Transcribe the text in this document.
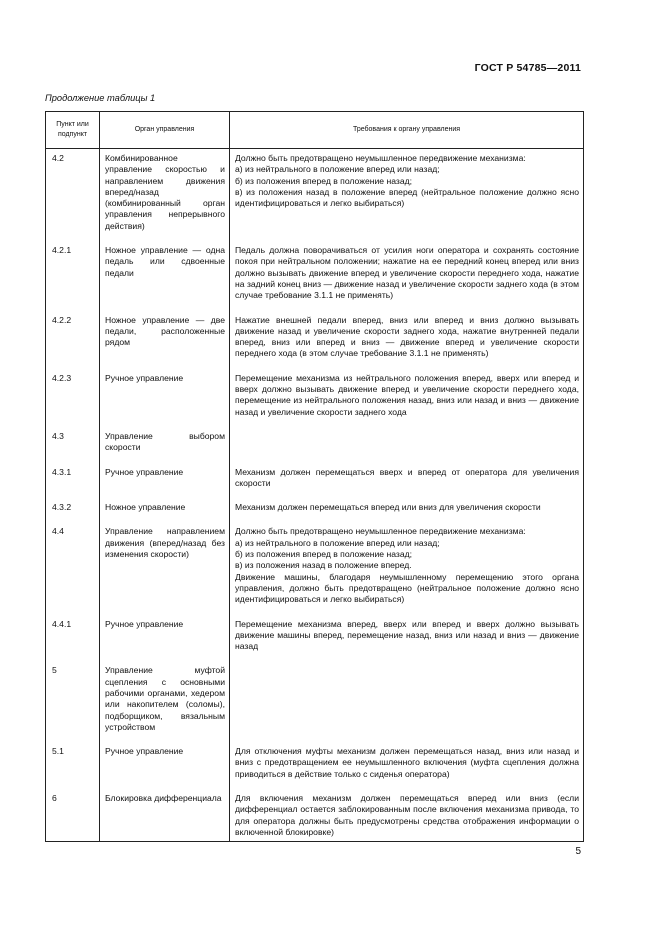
ГОСТ Р 54785—2011
Продолжение таблицы 1
Пункт или подпункт	Орган управления	Требования к органу управления
4.2	Комбинированное управление скоростью и направлением движения вперед/назад (комбинированный орган управления непрерывного действия)	Должно быть предотвращено неумышленное передвижение механизма:
а) из нейтрального в положение вперед или назад;
б) из положения вперед в положение назад;
в) из положения назад в положение вперед (нейтральное положение должно ясно идентифицироваться и легко выбираться)
4.2.1	Ножное управление — одна педаль или сдвоенные педали	Педаль должна поворачиваться от усилия ноги оператора и сохранять состояние покоя при нейтральном положении; нажатие на ее передний конец вперед или вниз должно вызывать движение вперед и увеличение скорости переднего хода, нажатие на задний конец вниз — движение назад и увеличение скорости заднего хода (в этом случае требование 3.1.1 не применять)
4.2.2	Ножное управление — две педали, расположенные рядом	Нажатие внешней педали вперед, вниз или вперед и вниз должно вызывать движение назад и увеличение скорости заднего хода, нажатие внутренней педали вперед, вниз или вперед и вниз — движение вперед и увеличение скорости переднего хода (в этом случае требование 3.1.1 не применять)
4.2.3	Ручное управление	Перемещение механизма из нейтрального положения вперед, вверх или вперед и вверх должно вызывать движение вперед и увеличение скорости переднего хода, перемещение из нейтрального положения назад, вниз или назад и вниз — движение назад и увеличение скорости заднего хода
4.3	Управление выбором скорости	
4.3.1	Ручное управление	Механизм должен перемещаться вверх и вперед от оператора для увеличения скорости
4.3.2	Ножное управление	Механизм должен перемещаться вперед или вниз для увеличения скорости
4.4	Управление направлением движения (вперед/назад без изменения скорости)	Должно быть предотвращено неумышленное передвижение механизма:
а) из нейтрального в положение вперед или назад;
б) из положения вперед в положение назад;
в) из положения назад в положение вперед.
Движение машины, благодаря неумышленному перемещению этого органа управления, должно быть предотвращено (нейтральное положение должно ясно идентифицироваться и легко выбираться)
4.4.1	Ручное управление	Перемещение механизма вперед, вверх или вперед и вверх должно вызывать движение машины вперед, перемещение назад, вниз или назад и вниз — движение назад
5	Управление муфтой сцепления с основными рабочими органами, хедером или накопителем (соломы), подборщиком, вязальным устройством	
5.1	Ручное управление	Для отключения муфты механизм должен перемещаться назад, вниз или назад и вниз с предотвращением ее неумышленного включения (муфта сцепления должна приводиться в действие только с сиденья оператора)
6	Блокировка дифференциала	Для включения механизм должен перемещаться вперед или вниз (если дифференциал остается заблокированным после включения механизма привода, то для оператора должны быть предусмотрены средства отображения информации о включенной блокировке)
5
